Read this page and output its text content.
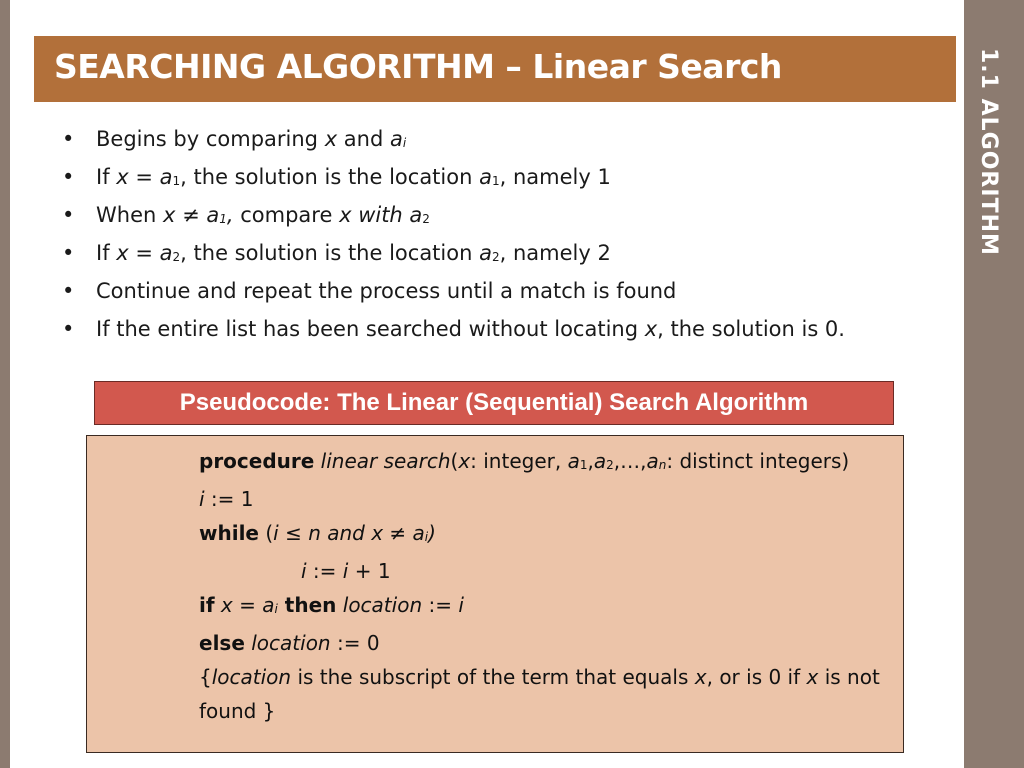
1.1 ALGORITHM
SEARCHING ALGORITHM – Linear Search
• Begins by comparing x and $a_i$
• If $x = a_1$, the solution is the location $a_1$, namely 1
• When $x \ne a_1$, compare x with $a_2$
• If $x = a_2$, the solution is the location $a_2$, namely 2
• Continue and repeat the process until a match is found
• If the entire list has been searched without locating x, the solution is 0.
Pseudocode: The Linear (Sequential) Search Algorithm
procedure linear search(x: integer, $a_1,a_2,\dots,a_n$: distinct integers)
i := 1
while (i ≤ n and $x \ne a_i$)
i := i + 1
if $x = a_i$ then location := i
else location := 0
{location is the subscript of the term that equals x, or is 0 if x is not found }
